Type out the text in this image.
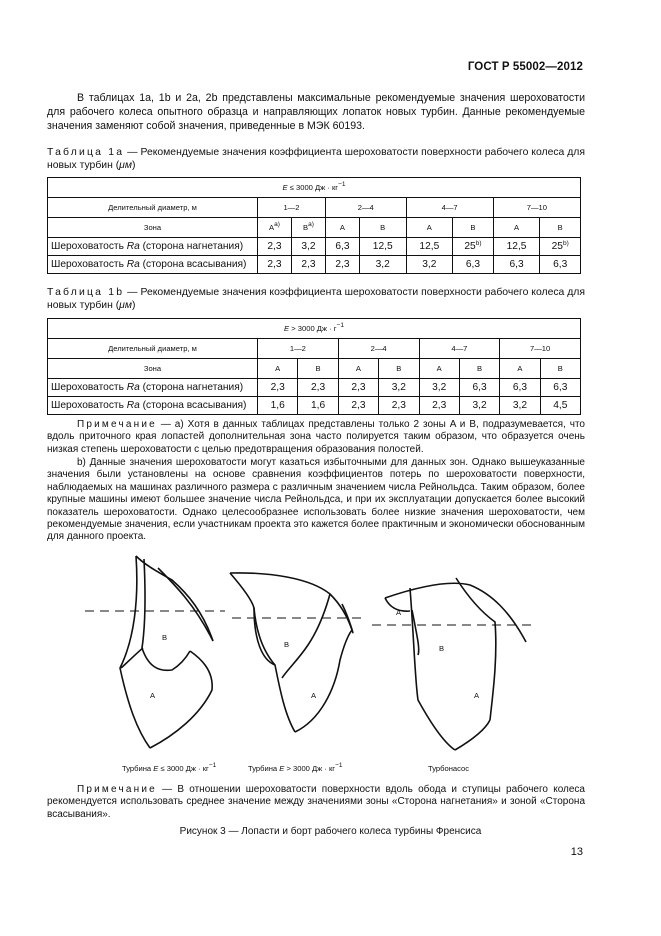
ГОСТ Р 55002—2012
В таблицах 1a, 1b и 2a, 2b представлены максимальные рекомендуемые значения шероховатости для рабочего колеса опытного образца и направляющих лопаток новых турбин. Данные рекомендуемые значения заменяют собой значения, приведенные в МЭК 60193.
Таблица 1a — Рекомендуемые значения коэффициента шероховатости поверхности рабочего колеса для новых турбин (μм)
E ≤ 3000 Дж · $кг^{-1}$
Делительный диаметр, м	1—2		2—4		4—7		7—10	
Зона	$A^{a)}$	$B^{a)}$	A	B	A	B	A	B
Шероховатость Ra (сторона нагнетания)	2,3	3,2	6,3	12,5	12,5	25$^{b)}$	12,5	25$^{b)}$
Шероховатость Ra (сторона всасывания)	2,3	2,3	2,3	3,2	3,2	6,3	6,3	6,3
Таблица 1b — Рекомендуемые значения коэффициента шероховатости поверхности рабочего колеса для новых турбин (μм)
E > 3000 Дж · $г^{-1}$
Делительный диаметр, м	1—2		2—4		4—7		7—10	
Зона	A	B	A	B	A	B	A	B
Шероховатость Ra (сторона нагнетания)	2,3	2,3	2,3	3,2	3,2	6,3	6,3	6,3
Шероховатость Ra (сторона всасывания)	1,6	1,6	2,3	2,3	2,3	3,2	3,2	4,5
Примечание — a) Хотя в данных таблицах представлены только 2 зоны A и B, подразумевается, что вдоль приточного края лопастей дополнительная зона часто полируется таким образом, что образуется очень низкая степень шероховатости с целью предотвращения образования полостей.
b) Данные значения шероховатости могут казаться избыточными для данных зон. Однако вышеуказанные значения были установлены на основе сравнения коэффициентов потерь по шероховатости поверхности, наблюдаемых на машинах различного размера с различным значением числа Рейнольдса. Таким образом, более крупные машины имеют большее значение числа Рейнольдса, и при их эксплуатации допускается более высокий показатель шероховатости. Однако целесообразнее использовать более низкие значения шероховатости, чем рекомендуемые значения, если участникам проекта это кажется более практичным и экономически обоснованным для данного проекта.
B
A
B
A
A
B
A
Турбина E ≤ 3000 Дж · $кг^{-1}$	Турбина E > 3000 Дж · $кг^{-1}$	Турбонасос
Примечание — В отношении шероховатости поверхности вдоль обода и ступицы рабочего колеса рекомендуется использовать среднее значение между значениями зоны «Сторона нагнетания» и зоной «Сторона всасывания».
Рисунок 3 — Лопасти и борт рабочего колеса турбины Френсиса
13
